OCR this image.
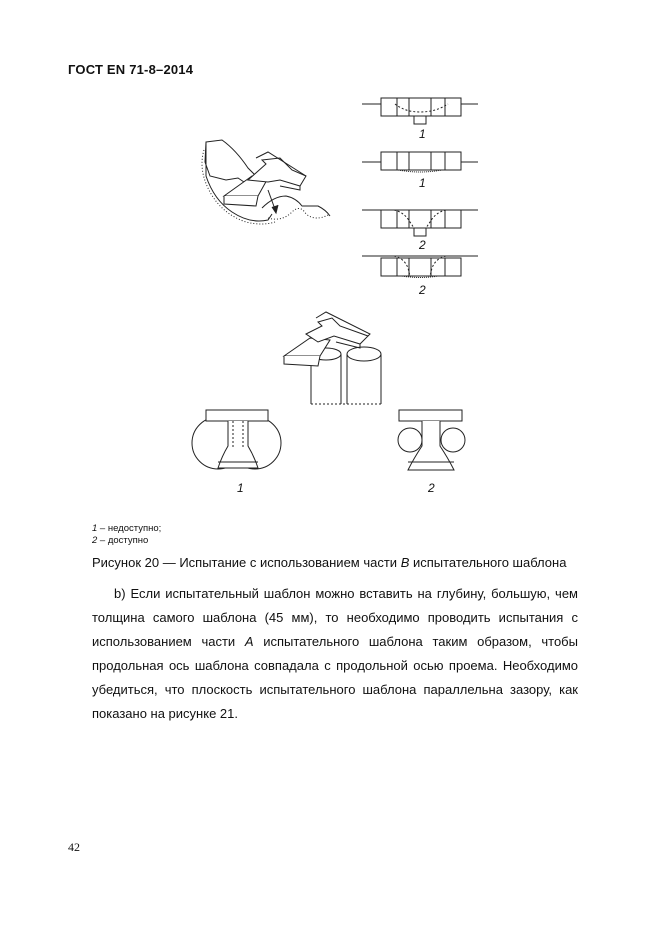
ГОСТ EN 71-8–2014
1
1
2
2
1	2
1 – недоступно;
2 – доступно
Рисунок 20 — Испытание с использованием части В испытательного шаблона
b) Если испытательный шаблон можно вставить на глубину, большую, чем толщина самого шаблона (45 мм), то необходимо проводить испытания с использованием части А испытательного шаблона таким образом, чтобы продольная ось шаблона совпадала с продольной осью проема. Необходимо убедиться, что плоскость испытательного шаблона параллельна зазору, как показано на рисунке 21.
42
